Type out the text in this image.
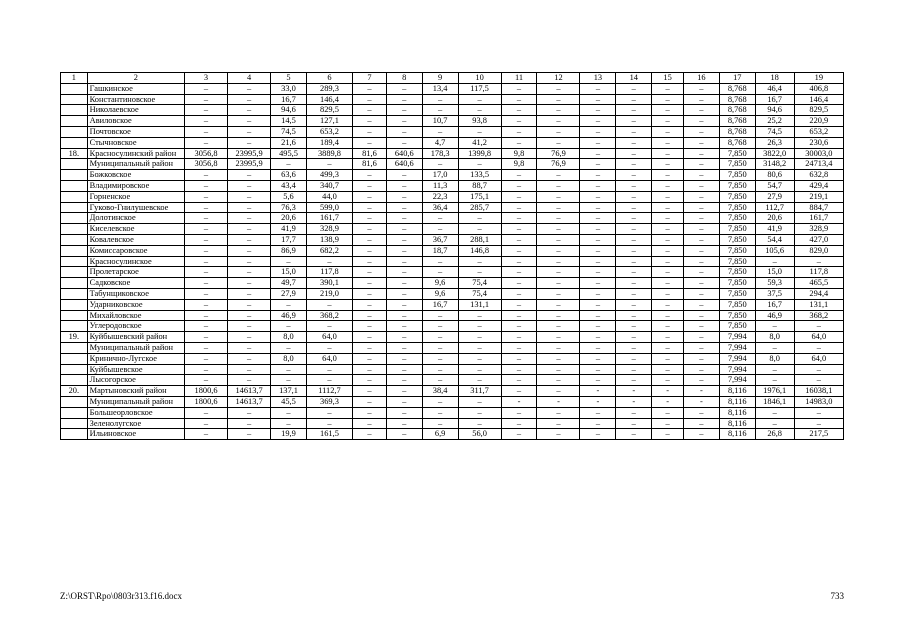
1	2	3	4	5	6	7	8	9	10	11	12	13	14	15	16	17	18	19
	Гашкинское	–	–	33,0	289,3	–	–	13,4	117,5	–	–	–	–	–	–	8,768	46,4	406,8
	Константиновское	–	–	16,7	146,4	–	–	–	–	–	–	–	–	–	–	8,768	16,7	146,4
	Николаевское	–	–	94,6	829,5	–	–	–	–	–	–	–	–	–	–	8,768	94,6	829,5
	Авиловское	–	–	14,5	127,1	–	–	10,7	93,8	–	–	–	–	–	–	8,768	25,2	220,9
	Почтовское	–	–	74,5	653,2	–	–	–	–	–	–	–	–	–	–	8,768	74,5	653,2
	Стычновское	–	–	21,6	189,4	–	–	4,7	41,2	–	–	–	–	–	–	8,768	26,3	230,6
18.	Красносулинский район	3056,8	23995,9	495,5	3889,8	81,6	640,6	178,3	1399,8	9,8	76,9	–	–	–	–	7,850	3822,0	30003,0
	Муниципальный район	3056,8	23995,9	–	–	81,6	640,6	–	–	9,8	76,9	–	–	–	–	7,850	3148,2	24713,4
	Божковское	–	–	63,6	499,3	–	–	17,0	133,5	–	–	–	–	–	–	7,850	80,6	632,8
	Владимировское	–	–	43,4	340,7	–	–	11,3	88,7	–	–	–	–	–	–	7,850	54,7	429,4
	Горненское	–	–	5,6	44,0	–	–	22,3	175,1	–	–	–	–	–	–	7,850	27,9	219,1
	Гуково-Гнилушевское	–	–	76,3	599,0	–	–	36,4	285,7	–	–	–	–	–	–	7,850	112,7	884,7
	Долотинское	–	–	20,6	161,7	–	–	–	–	–	–	–	–	–	–	7,850	20,6	161,7
	Киселевское	–	–	41,9	328,9	–	–	–	–	–	–	–	–	–	–	7,850	41,9	328,9
	Ковалевское	–	–	17,7	138,9	–	–	36,7	288,1	–	–	–	–	–	–	7,850	54,4	427,0
	Комиссаровское	–	–	86,9	682,2	–	–	18,7	146,8	–	–	–	–	–	–	7,850	105,6	829,0
	Красносулинское	–	–	–	–	–	–	–	–	–	–	–	–	–	–	7,850	–	–
	Пролетарское	–	–	15,0	117,8	–	–	–	–	–	–	–	–	–	–	7,850	15,0	117,8
	Садковское	–	–	49,7	390,1	–	–	9,6	75,4	–	–	–	–	–	–	7,850	59,3	465,5
	Табунщиковское	–	–	27,9	219,0	–	–	9,6	75,4	–	–	–	–	–	–	7,850	37,5	294,4
	Ударниковское	–	–	–	–	–	–	16,7	131,1	–	–	–	–	–	–	7,850	16,7	131,1
	Михайловское	–	–	46,9	368,2	–	–	–	–	–	–	–	–	–	–	7,850	46,9	368,2
	Углеродовское	–	–	–	–	–	–	–	–	–	–	–	–	–	–	7,850	–	–
19.	Куйбышевский район	–	–	8,0	64,0	–	–	–	–	–	–	–	–	–	–	7,994	8,0	64,0
	Муниципальный район	–	–	–	–	–	–	–	–	–	–	–	–	–	–	7,994	–	–
	Кринично-Лугское	–	–	8,0	64,0	–	–	–	–	–	–	–	–	–	–	7,994	8,0	64,0
	Куйбышевское	–	–	–	–	–	–	–	–	–	–	–	–	–	–	7,994	–	–
	Лысогорское	–	–	–	–	–	–	–	–	–	–	–	–	–	–	7,994	–	–
20.	Мартыновский район	1800,6	14613,7	137,1	1112,7	–	–	38,4	311,7	–	–	-	-	-	-	8,116	1976,1	16038,1
	Муниципальный район	1800,6	14613,7	45,5	369,3	–	–	–	–	-	-	-	-	-	-	8,116	1846,1	14983,0
	Большеорловское	–	–	–	–	–	–	–	–	–	–	–	–	–	–	8,116	–	–
	Зеленолугское	–	–	–	–	–	–	–	–	–	–	–	–	–	–	8,116	–	–
	Ильиновское	–	–	19,9	161,5	–	–	6,9	56,0	–	–	–	–	–	–	8,116	26,8	217,5
Z:\ORST\Rpo\0803r313.f16.docx	733
